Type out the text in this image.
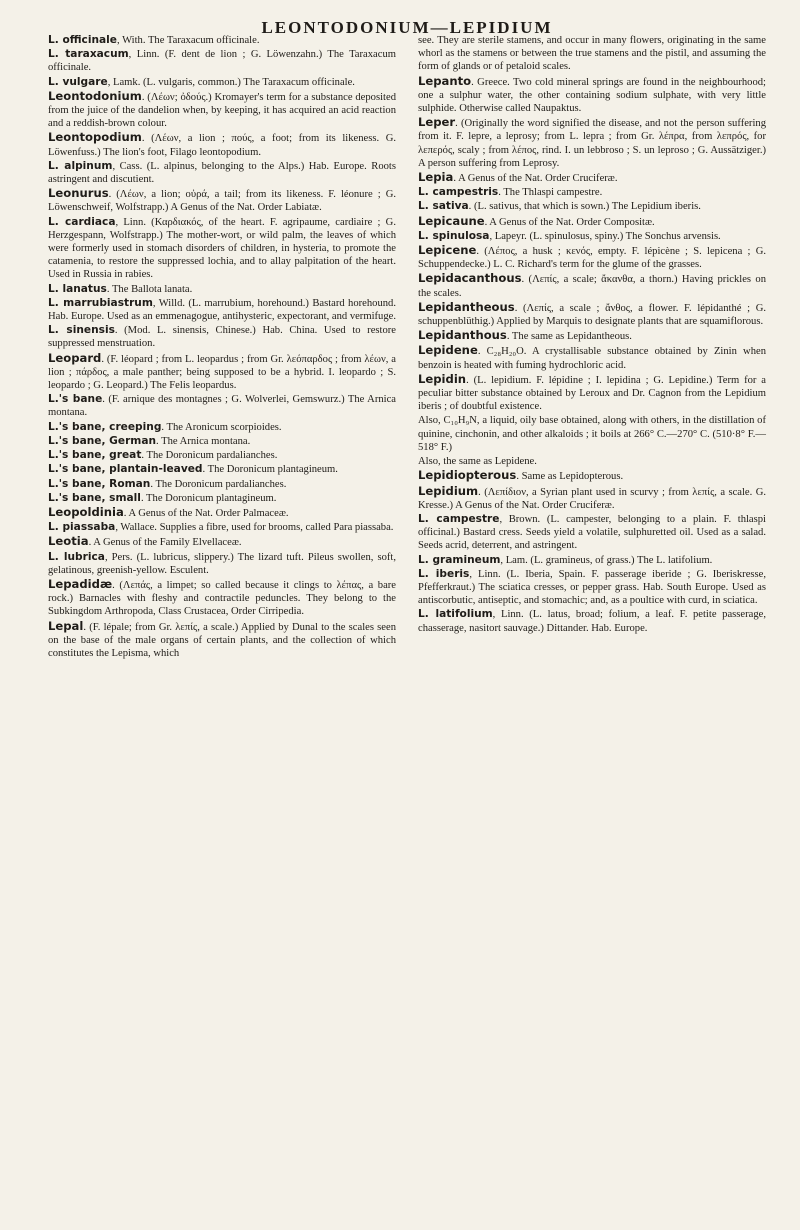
LEONTODONIUM—LEPIDIUM

L. officinale, With. The Taraxacum officinale.

L. taraxacum, Linn. (F. dent de lion ; G. Löwenzahn.) The Taraxacum officinale.

L. vulgare, Lamk. (L. vulgaris, common.) The Taraxacum officinale.

Leontodonium. (Λέων; ὀδούς.) Kromayer's term for a substance deposited from the juice of the dandelion when, by keeping, it has acquired an acid reaction and a reddish-brown colour.

Leontopodium. (Λέων, a lion ; πούς, a foot; from its likeness. G. Löwenfuss.) The lion's foot, Filago leontopodium.

L. alpinum, Cass. (L. alpinus, belonging to the Alps.) Hab. Europe. Roots astringent and discutient.

Leonurus. (Λέων, a lion; οὐρά, a tail; from its likeness. F. léonure ; G. Löwenschweif, Wolfstrapp.) A Genus of the Nat. Order Labiatæ.

L. cardiaca, Linn. (Καρδιακός, of the heart. F. agripaume, cardiaire ; G. Herzgespann, Wolfstrapp.) The mother-wort, or wild palm, the leaves of which were formerly used in stomach disorders of children, in hysteria, to promote the catamenia, to restore the suppressed lochia, and to allay palpitation of the heart. Used in Russia in rabies.

L. lanatus. The Ballota lanata.

L. marrubiastrum, Willd. (L. marrubium, horehound.) Bastard horehound. Hab. Europe. Used as an emmenagogue, antihysteric, expectorant, and vermifuge.

L. sinensis. (Mod. L. sinensis, Chinese.) Hab. China. Used to restore suppressed menstruation.

Leopard. (F. léopard ; from L. leopardus ; from Gr. λεόπαρδος ; from λέων, a lion ; πάρδος, a male panther; being supposed to be a hybrid. I. leopardo ; S. leopardo ; G. Leopard.) The Felis leopardus.

L.'s bane. (F. arnique des montagnes ; G. Wolverlei, Gemswurz.) The Arnica montana.

L.'s bane, creeping. The Aronicum scorpioides.

L.'s bane, German. The Arnica montana.

L.'s bane, great. The Doronicum pardalianches.

L.'s bane, plantain-leaved. The Doronicum plantagineum.

L.'s bane, Roman. The Doronicum pardalianches.

L.'s bane, small. The Doronicum plantagineum.

Leopoldinia. A Genus of the Nat. Order Palmaceæ.

L. piassaba, Wallace. Supplies a fibre, used for brooms, called Para piassaba.

Leotia. A Genus of the Family Elvellaceæ.

L. lubrica, Pers. (L. lubricus, slippery.) The lizard tuft. Pileus swollen, soft, gelatinous, greenish-yellow. Esculent.

Lepadidæ. (Λεπάς, a limpet; so called because it clings to λέπας, a bare rock.) Barnacles with fleshy and contractile peduncles. They belong to the Subkingdom Arthropoda, Class Crustacea, Order Cirripedia.

Lepal. (F. lépale; from Gr. λεπίς, a scale.) Applied by Dunal to the scales seen on the base of the male organs of certain plants, and the collection of which constitutes the Lepisma, which

see. They are sterile stamens, and occur in many flowers, originating in the same whorl as the stamens or between the true stamens and the pistil, and assuming the form of glands or of petaloid scales.

Lepanto. Greece. Two cold mineral springs are found in the neighbourhood; one a sulphur water, the other containing sodium sulphate, with very little sulphide. Otherwise called Naupaktus.

Leper. (Originally the word signified the disease, and not the person suffering from it. F. lepre, a leprosy; from L. lepra ; from Gr. λέπρα, from λεπρός, for λεπερός, scaly ; from λέπος, rind. I. un lebbroso ; S. un leproso ; G. Aussätziger.) A person suffering from Leprosy.

Lepia. A Genus of the Nat. Order Cruciferæ.

L. campestris. The Thlaspi campestre.

L. sativa. (L. sativus, that which is sown.) The Lepidium iberis.

Lepicaune. A Genus of the Nat. Order Compositæ.

L. spinulosa, Lapeyr. (L. spinulosus, spiny.) The Sonchus arvensis.

Lepicene. (Λέπος, a husk ; κενός, empty. F. lépicène ; S. lepicena ; G. Schuppendecke.) L. C. Richard's term for the glume of the grasses.

Lepidacanthous. (Λεπίς, a scale; ἄκανθα, a thorn.) Having prickles on the scales.

Lepidantheous. (Λεπίς, a scale ; ἄνθος, a flower. F. lépidanthé ; G. schuppenblüthig.) Applied by Marquis to designate plants that are squamiflorous.

Lepidanthous. The same as Lepidantheous.

Lepidene. C₂₈H₂₀O. A crystallisable substance obtained by Zinin when benzoin is heated with fuming hydrochloric acid.

Lepidin. (L. lepidium. F. lépidine ; I. lepidina ; G. Lepidine.) Term for a peculiar bitter substance obtained by Leroux and Dr. Cagnon from the Lepidium iberis ; of doubtful existence.

Also, C₁₀H₉N, a liquid, oily base obtained, along with others, in the distillation of quinine, cinchonin, and other alkaloids ; it boils at 266° C.—270° C. (510·8° F.—518° F.)

Also, the same as Lepidene.

Lepidiopterous. Same as Lepidopterous.

Lepidium. (Λεπίδιον, a Syrian plant used in scurvy ; from λεπίς, a scale. G. Kresse.) A Genus of the Nat. Order Cruciferæ.

L. campestre, Brown. (L. campester, belonging to a plain. F. thlaspi officinal.) Bastard cress. Seeds yield a volatile, sulphuretted oil. Used as a salad. Seeds acrid, deterrent, and astringent.

L. gramineum, Lam. (L. gramineus, of grass.) The L. latifolium.

L. iberis, Linn. (L. Iberia, Spain. F. passerage iberide ; G. Iberiskresse, Pfefferkraut.) The sciatica cresses, or pepper grass. Hab. South Europe. Used as antiscorbutic, antiseptic, and stomachic; and, as a poultice with curd, in sciatica.

L. latifolium, Linn. (L. latus, broad; folium, a leaf. F. petite passerage, chasserage, nasitort sauvage.) Dittander. Hab. Europe.
